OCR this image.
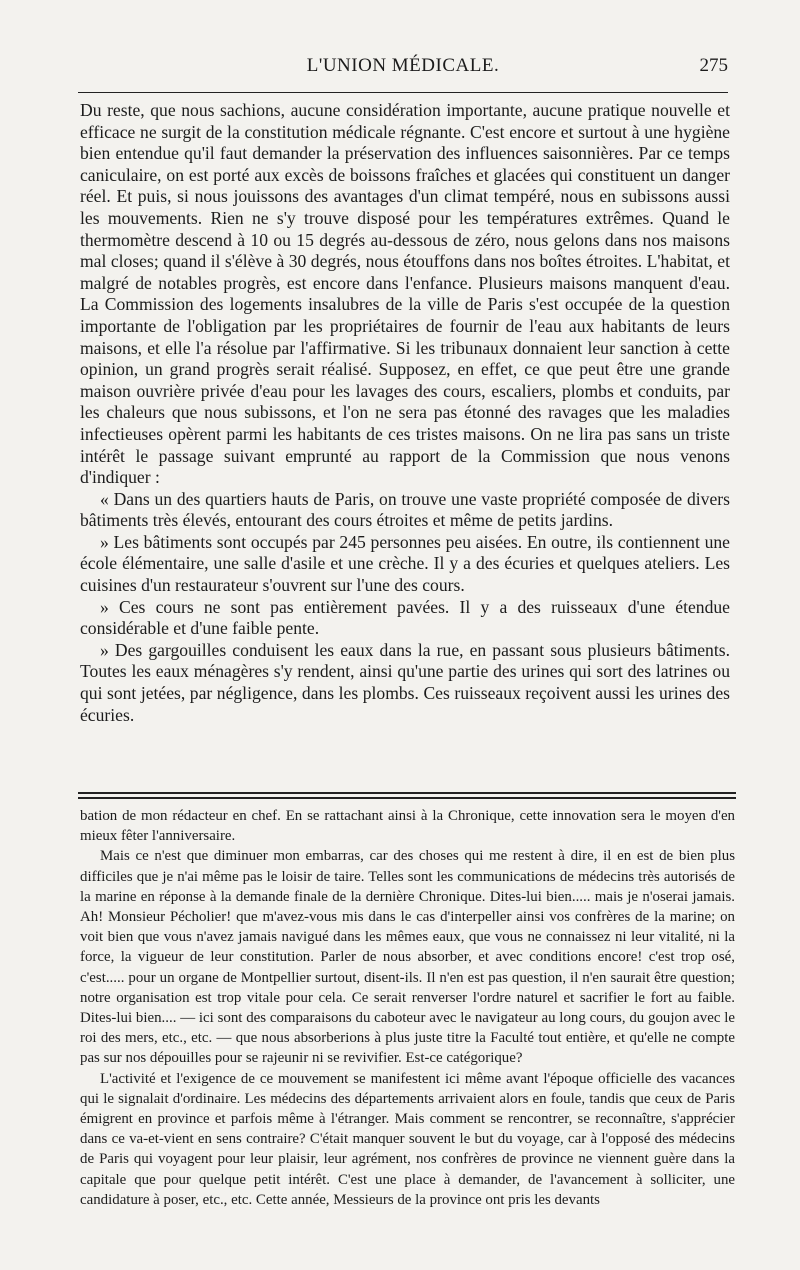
L'UNION MÉDICALE.	275

Du reste, que nous sachions, aucune considération importante, aucune pratique nouvelle et efficace ne surgit de la constitution médicale régnante. C'est encore et surtout à une hygiène bien entendue qu'il faut demander la préservation des influences saisonnières. Par ce temps caniculaire, on est porté aux excès de boissons fraîches et glacées qui constituent un danger réel. Et puis, si nous jouissons des avantages d'un climat tempéré, nous en subissons aussi les mouvements. Rien ne s'y trouve disposé pour les températures extrêmes. Quand le thermomètre descend à 10 ou 15 degrés au-dessous de zéro, nous gelons dans nos maisons mal closes; quand il s'élève à 30 degrés, nous étouffons dans nos boîtes étroites. L'habitat, et malgré de notables progrès, est encore dans l'enfance. Plusieurs maisons manquent d'eau. La Commission des logements insalubres de la ville de Paris s'est occupée de la question importante de l'obligation par les propriétaires de fournir de l'eau aux habitants de leurs maisons, et elle l'a résolue par l'affirmative. Si les tribunaux donnaient leur sanction à cette opinion, un grand progrès serait réalisé. Supposez, en effet, ce que peut être une grande maison ouvrière privée d'eau pour les lavages des cours, escaliers, plombs et conduits, par les chaleurs que nous subissons, et l'on ne sera pas étonné des ravages que les maladies infectieuses opèrent parmi les habitants de ces tristes maisons. On ne lira pas sans un triste intérêt le passage suivant emprunté au rapport de la Commission que nous venons d'indiquer :

« Dans un des quartiers hauts de Paris, on trouve une vaste propriété composée de divers bâtiments très élevés, entourant des cours étroites et même de petits jardins.

» Les bâtiments sont occupés par 245 personnes peu aisées. En outre, ils contiennent une école élémentaire, une salle d'asile et une crèche. Il y a des écuries et quelques ateliers. Les cuisines d'un restaurateur s'ouvrent sur l'une des cours.

» Ces cours ne sont pas entièrement pavées. Il y a des ruisseaux d'une étendue considérable et d'une faible pente.

» Des gargouilles conduisent les eaux dans la rue, en passant sous plusieurs bâtiments. Toutes les eaux ménagères s'y rendent, ainsi qu'une partie des urines qui sort des latrines ou qui sont jetées, par négligence, dans les plombs. Ces ruisseaux reçoivent aussi les urines des écuries.

bation de mon rédacteur en chef. En se rattachant ainsi à la Chronique, cette innovation sera le moyen d'en mieux fêter l'anniversaire.

Mais ce n'est que diminuer mon embarras, car des choses qui me restent à dire, il en est de bien plus difficiles que je n'ai même pas le loisir de taire. Telles sont les communications de médecins très autorisés de la marine en réponse à la demande finale de la dernière Chronique. Dites-lui bien..... mais je n'oserai jamais. Ah! Monsieur Pécholier! que m'avez-vous mis dans le cas d'interpeller ainsi vos confrères de la marine; on voit bien que vous n'avez jamais navigué dans les mêmes eaux, que vous ne connaissez ni leur vitalité, ni la force, la vigueur de leur constitution. Parler de nous absorber, et avec conditions encore! c'est trop osé, c'est..... pour un organe de Montpellier surtout, disent-ils. Il n'en est pas question, il n'en saurait être question; notre organisation est trop vitale pour cela. Ce serait renverser l'ordre naturel et sacrifier le fort au faible. Dites-lui bien.... — ici sont des comparaisons du caboteur avec le navigateur au long cours, du goujon avec le roi des mers, etc., etc. — que nous absorberions à plus juste titre la Faculté tout entière, et qu'elle ne compte pas sur nos dépouilles pour se rajeunir ni se revivifier. Est-ce catégorique?

L'activité et l'exigence de ce mouvement se manifestent ici même avant l'époque officielle des vacances qui le signalait d'ordinaire. Les médecins des départements arrivaient alors en foule, tandis que ceux de Paris émigrent en province et parfois même à l'étranger. Mais comment se rencontrer, se reconnaître, s'apprécier dans ce va-et-vient en sens contraire? C'était manquer souvent le but du voyage, car à l'opposé des médecins de Paris qui voyagent pour leur plaisir, leur agrément, nos confrères de province ne viennent guère dans la capitale que pour quelque petit intérêt. C'est une place à demander, de l'avancement à solliciter, une candidature à poser, etc., etc. Cette année, Messieurs de la province ont pris les devants
